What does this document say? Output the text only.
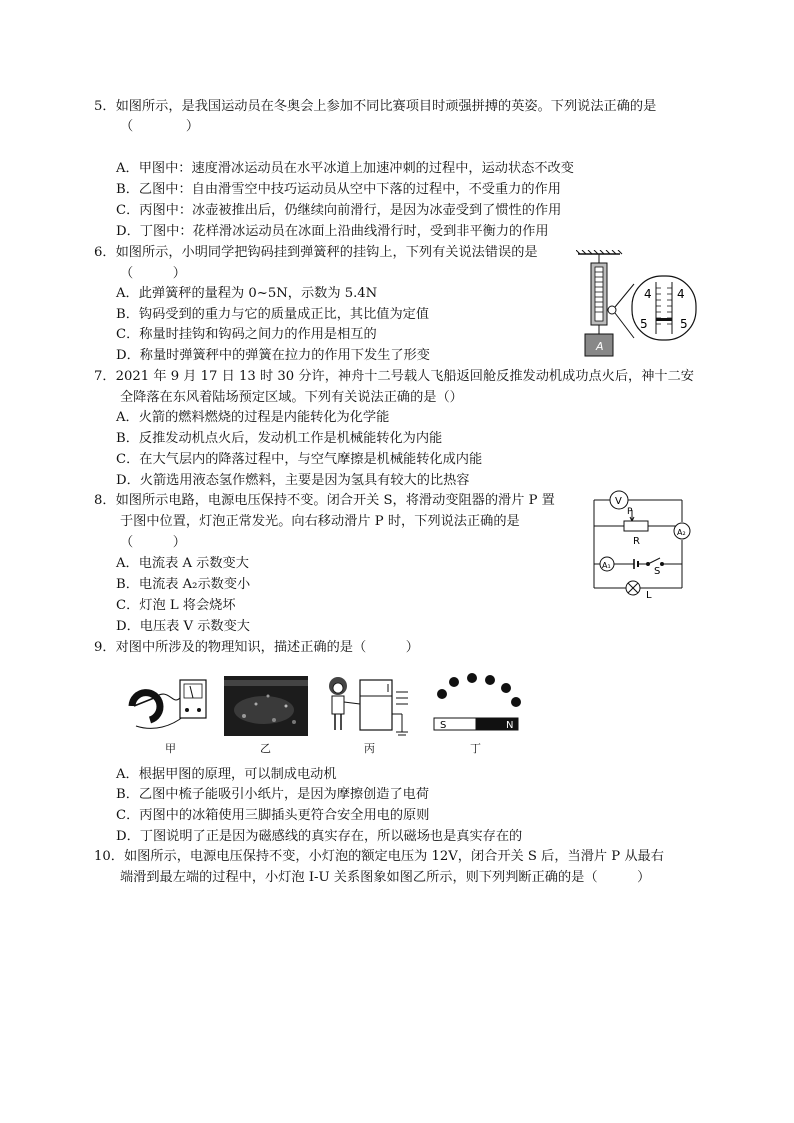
5．如图所示，是我国运动员在冬奥会上参加不同比赛项目时顽强拼搏的英姿。下列说法正确的是
（　　　　）
A．甲图中：速度滑冰运动员在水平冰道上加速冲刺的过程中，运动状态不改变
B．乙图中：自由滑雪空中技巧运动员从空中下落的过程中，不受重力的作用
C．丙图中：冰壶被推出后，仍继续向前滑行，是因为冰壶受到了惯性的作用
D．丁图中：花样滑冰运动员在冰面上沿曲线滑行时，受到非平衡力的作用
6．如图所示，小明同学把钩码挂到弹簧秤的挂钩上，下列有关说法错误的是
（　　　）
A．此弹簧秤的量程为 0~5N，示数为 5.4N
B．钩码受到的重力与它的质量成正比，其比值为定值
C．称量时挂钩和钩码之间力的作用是相互的
D．称量时弹簧秤中的弹簧在拉力的作用下发生了形变
A
4 4
5	5
7．2021 年 9 月 17 日 13 时 30 分许，神舟十二号载人飞船返回舱反推发动机成功点火后，神十二安
全降落在东风着陆场预定区域。下列有关说法正确的是（）
A．火箭的燃料燃烧的过程是内能转化为化学能
B．反推发动机点火后，发动机工作是机械能转化为内能
C．在大气层内的降落过程中，与空气摩擦是机械能转化成内能
D．火箭选用液态氢作燃料，主要是因为氢具有较大的比热容
8．如图所示电路，电源电压保持不变。闭合开关 S，将滑动变阻器的滑片 P 置
于图中位置，灯泡正常发光。向右移动滑片 P 时，下列说法正确的是
（　　　）
A．电流表 A 示数变大
B．电流表 A₂示数变小
C．灯泡 L 将会烧坏
D．电压表 V 示数变大
V
P
R
A₂
A₁
S
L
9．对图中所涉及的物理知识，描述正确的是（　　　）
甲	乙	丙
S	N
丁
A．根据甲图的原理，可以制成电动机
B．乙图中梳子能吸引小纸片，是因为摩擦创造了电荷
C．丙图中的冰箱使用三脚插头更符合安全用电的原则
D．丁图说明了正是因为磁感线的真实存在，所以磁场也是真实存在的
10．如图所示，电源电压保持不变，小灯泡的额定电压为 12V，闭合开关 S 后，当滑片 P 从最右
端滑到最左端的过程中，小灯泡 I-U 关系图象如图乙所示，则下列判断正确的是（　　　）
